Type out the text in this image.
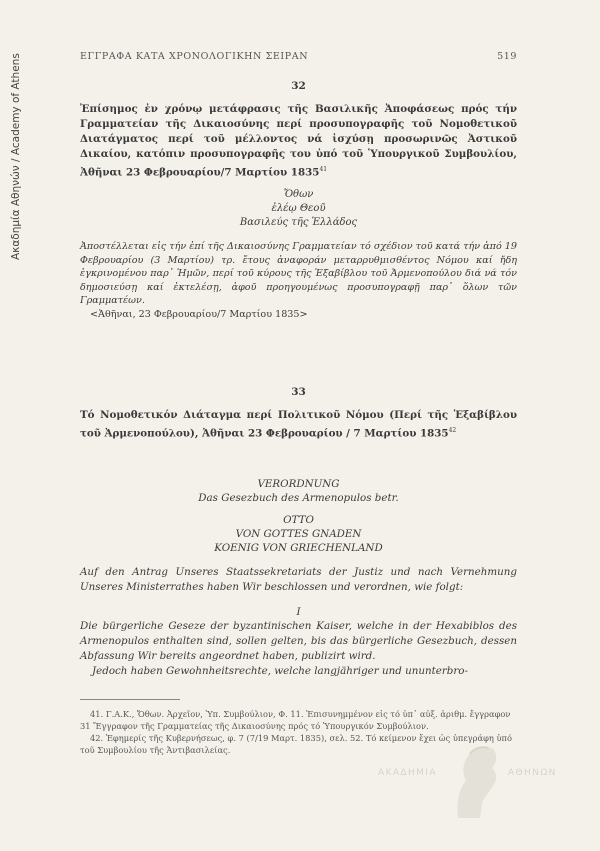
Ακαδημία Αθηνών / Academy of Athens	ΕΓΓΡΑΦΑ ΚΑΤΑ ΧΡΟΝΟΛΟΓΙΚΗΝ ΣΕΙΡΑΝ	519
32

Ἐπίσημος ἐν χρόνῳ μετάφρασις τῆς Βασιλικῆς Ἀποφάσεως πρός τήν Γραμματείαν τῆς Δικαιοσύνης περί προσυπογραφῆς τοῦ Νομοθετικοῦ Διατάγματος περί τοῦ μέλλοντος νά ἰσχύσῃ προσωρινῶς Ἀστικοῦ Δικαίου, κατόπιν προσυπογραφῆς του ὑπό τοῦ Ὑπουργικοῦ Συμβουλίου, Ἀθῆναι 23 Φεβρουαρίου/7 Μαρτίου 1835$^{41}$

Ὄθων

ἐλέῳ Θεοῦ

Βασιλεύς τῆς Ἑλλάδος

Ἀποστέλλεται εἰς τήν ἐπί τῆς Δικαιοσύνης Γραμματείαν τό σχέδιον τοῦ κατά τήν ἀπό 19 Φεβρουαρίου (3 Μαρτίου) τρ. ἔτους ἀναφοράν μεταρρυθμισθέντος Νόμου καί ἤδη ἐγκρινομένου παρ᾽ Ἡμῶν, περί τοῦ κύρους τῆς Ἑξαβίβλου τοῦ Ἀρμενοπούλου διά νά τόν δημοσιεύσῃ καί ἐκτελέσῃ, ἀφοῦ προηγουμένως προσυπογραφῇ παρ᾽ ὅλων τῶν Γραμματέων.

<Ἀθῆναι, 23 Φεβρουαρίου/7 Μαρτίου 1835>

33

Τό Νομοθετικόν Διάταγμα περί Πολιτικοῦ Νόμου (Περί τῆς Ἑξαβίβλου τοῦ Ἀρμενοπούλου), Ἀθῆναι 23 Φεβρουαρίου / 7 Μαρτίου 1835$^{42}$

VERORDNUNG

Das Gesezbuch des Armenopulos betr.

OTTO

VON GOTTES GNADEN

KOENIG VON GRIECHENLAND

Auf den Antrag Unseres Staatssekretariats der Justiz und nach Vernehmung Unseres Ministerrathes haben Wir beschlossen und verordnen, wie folgt:

I

Die bürgerliche Geseze der byzantinischen Kaiser, welche in der Hexabiblos des Armenopulos enthalten sind, sollen gelten, bis das bürgerliche Gesezbuch, dessen Abfassung Wir bereits angeordnet haben, publizirt wird.

Jedoch haben Gewohnheitsrechte, welche langjähriger und ununterbro-

41. Γ.Α.Κ., Ὄθων. Ἀρχεῖον, Ὑπ. Συμβούλιον, Φ. 11. Ἐπισυνημμένον εἰς τό ὑπ᾽ αὐξ. ἀριθμ. ἔγγραφον 31 Ἔγγραφον τῆς Γραμματείας τῆς Δικαιοσύνης πρός τό Ὑπουργικόν Συμβούλιον.

42. Ἐφημερίς τῆς Κυβερνήσεως, φ. 7 (7/19 Μαρτ. 1835), σελ. 52. Τό κείμενον ἔχει ὡς ὑπεγράφη ὑπό τοῦ Συμβουλίου τῆς Ἀντιβασιλείας.

ΑΚΑΔΗΜΙΑ	ΑΘΗΝΩΝ
